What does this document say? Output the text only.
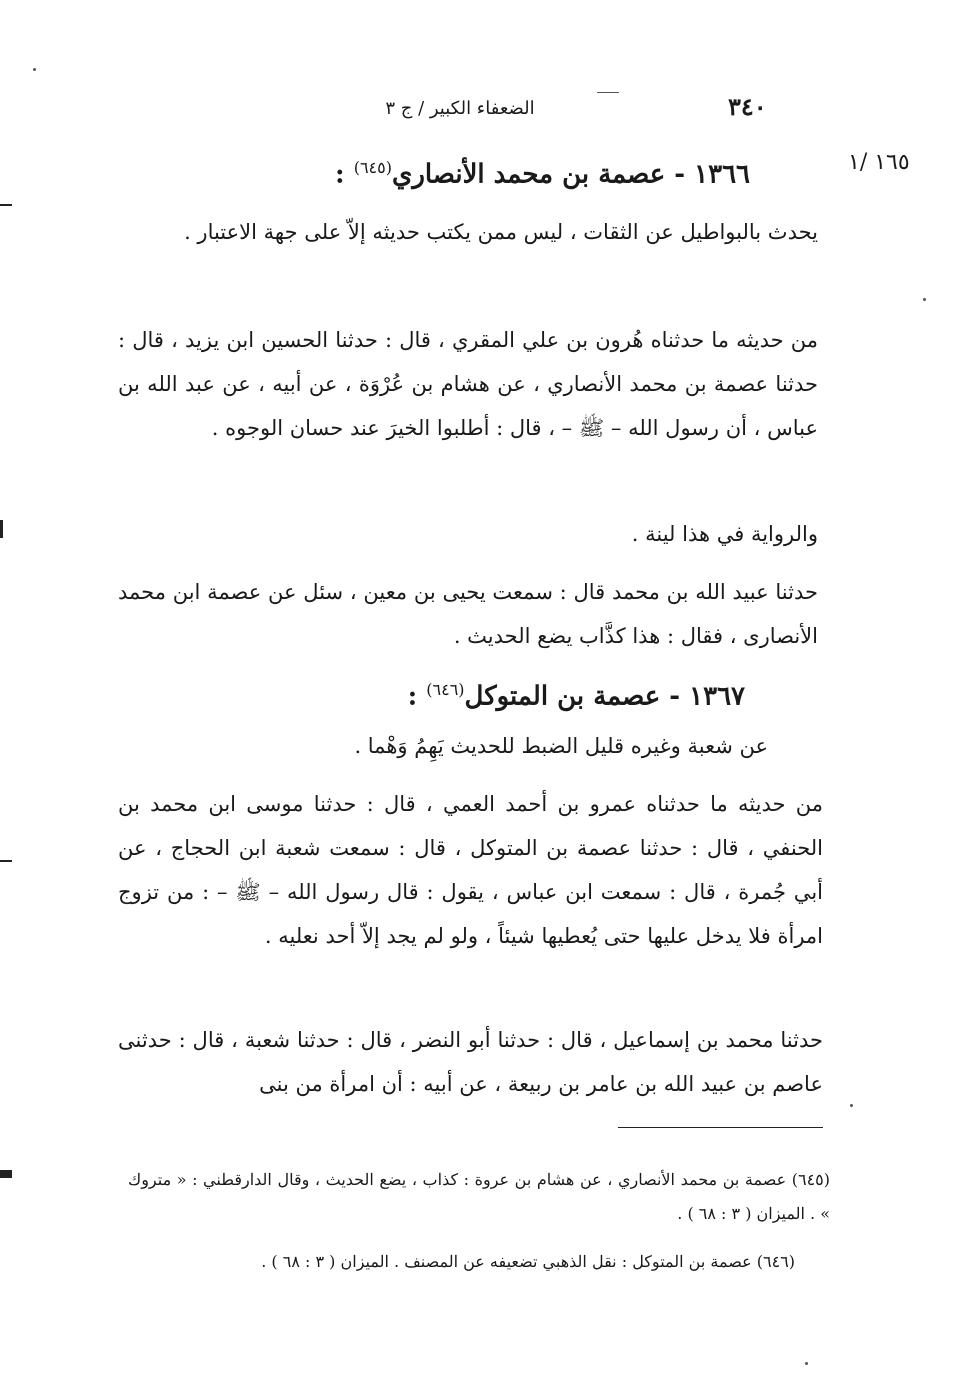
٣٤٠
الضعفاء الكبير / ج ٣
١٦٥ /١
١٣٦٦ - عصمة بن محمد الأنصاري$^{(٦٤٥)}$ :

يحدث بالبواطيل عن الثقات ، ليس ممن يكتب حديثه إلاّ على جهة الاعتبار .

من حديثه ما حدثناه هُرون بن علي المقري ، قال : حدثنا الحسين ابن يزيد ، قال : حدثنا عصمة بن محمد الأنصاري ، عن هشام بن عُرْوَة ، عن أبيه ، عن عبد الله بن عباس ، أن رسول الله – ﷺ – ، قال : أطلبوا الخيرَ عند حسان الوجوه .

والرواية في هذا لينة .

حدثنا عبيد الله بن محمد قال : سمعت يحيى بن معين ، سئل عن عصمة ابن محمد الأنصارى ، فقال : هذا كذَّاب يضع الحديث .

١٣٦٧ - عصمة بن المتوكل$^{(٦٤٦)}$ :

عن شعبة وغيره قليل الضبط للحديث يَهِمُ وَهْما .

من حديثه ما حدثناه عمرو بن أحمد العمي ، قال : حدثنا موسى ابن محمد بن الحنفي ، قال : حدثنا عصمة بن المتوكل ، قال : سمعت شعبة ابن الحجاج ، عن أبي جُمرة ، قال : سمعت ابن عباس ، يقول : قال رسول الله – ﷺ – : من تزوج امرأة فلا يدخل عليها حتى يُعطيها شيئاً ، ولو لم يجد إلاّ أحد نعليه .

حدثنا محمد بن إسماعيل ، قال : حدثنا أبو النضر ، قال : حدثنا شعبة ، قال : حدثنى عاصم بن عبيد الله بن عامر بن ربيعة ، عن أبيه : أن امرأة من بنى

(٦٤٥) عصمة بن محمد الأنصاري ، عن هشام بن عروة : كذاب ، يضع الحديث ، وقال الدارقطني : « متروك » . الميزان ( ٣ : ٦٨ ) .
(٦٤٦) عصمة بن المتوكل : نقل الذهبي تضعيفه عن المصنف . الميزان ( ٣ : ٦٨ ) .
